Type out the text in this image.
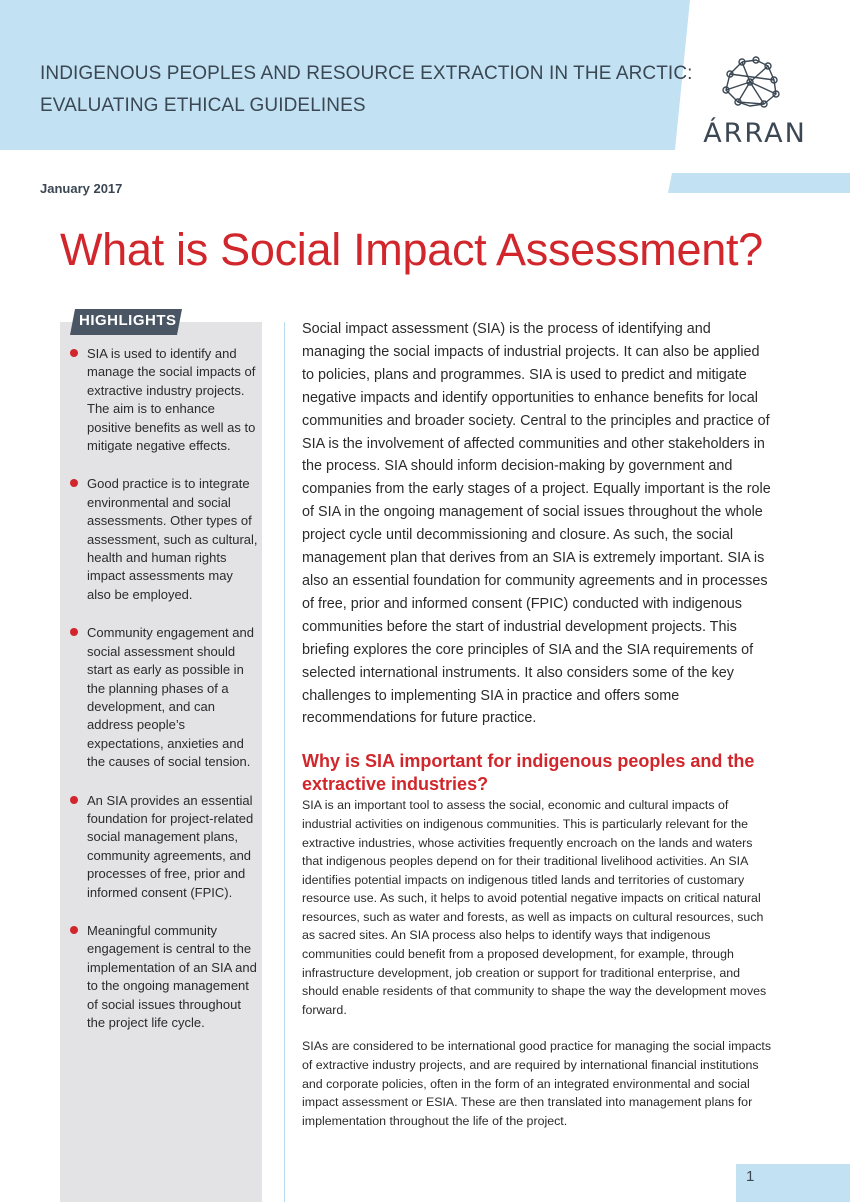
INDIGENOUS PEOPLES AND RESOURCE EXTRACTION IN THE ARCTIC:
EVALUATING ETHICAL GUIDELINES
ÁRRAN
January 2017
What is Social Impact Assessment?
HIGHLIGHTS
SIA is used to identify and manage the social impacts of extractive industry projects. The aim is to enhance positive benefits as well as to mitigate negative effects.
Good practice is to integrate environmental and social assessments. Other types of assessment, such as cultural, health and human rights impact assessments may also be employed.
Community engagement and social assessment should start as early as possible in the planning phases of a development, and can address people’s expectations, anxieties and the causes of social tension.
An SIA provides an essential foundation for project-related social management plans, community agreements, and processes of free, prior and informed consent (FPIC).
Meaningful community engagement is central to the implementation of an SIA and to the ongoing management of social issues throughout the project life cycle.

Social impact assessment (SIA) is the process of identifying and managing the social impacts of industrial projects. It can also be applied to policies, plans and programmes. SIA is used to predict and mitigate negative impacts and identify opportunities to enhance benefits for local communities and broader society. Central to the principles and practice of SIA is the involvement of affected communities and other stakeholders in the process. SIA should inform decision-making by government and companies from the early stages of a project. Equally important is the role of SIA in the ongoing management of social issues throughout the whole project cycle until decommissioning and closure. As such, the social management plan that derives from an SIA is extremely important. SIA is also an essential foundation for community agreements and in processes of free, prior and informed consent (FPIC) conducted with indigenous communities before the start of industrial development projects. This briefing explores the core principles of SIA and the SIA requirements of selected international instruments. It also considers some of the key challenges to implementing SIA in practice and offers some recommendations for future practice.

Why is SIA important for indigenous peoples and the extractive industries?

SIA is an important tool to assess the social, economic and cultural impacts of industrial activities on indigenous communities. This is particularly relevant for the extractive industries, whose activities frequently encroach on the lands and waters that indigenous peoples depend on for their traditional livelihood activities. An SIA identifies potential impacts on indigenous titled lands and territories of customary resource use. As such, it helps to avoid potential negative impacts on critical natural resources, such as water and forests, as well as impacts on cultural resources, such as sacred sites. An SIA process also helps to identify ways that indigenous communities could benefit from a proposed development, for example, through infrastructure development, job creation or support for traditional enterprise, and should enable residents of that community to shape the way the development moves forward.

SIAs are considered to be international good practice for managing the social impacts of extractive industry projects, and are required by international financial institutions and corporate policies, often in the form of an integrated environmental and social impact assessment or ESIA. These are then translated into management plans for implementation throughout the life of the project.

1
